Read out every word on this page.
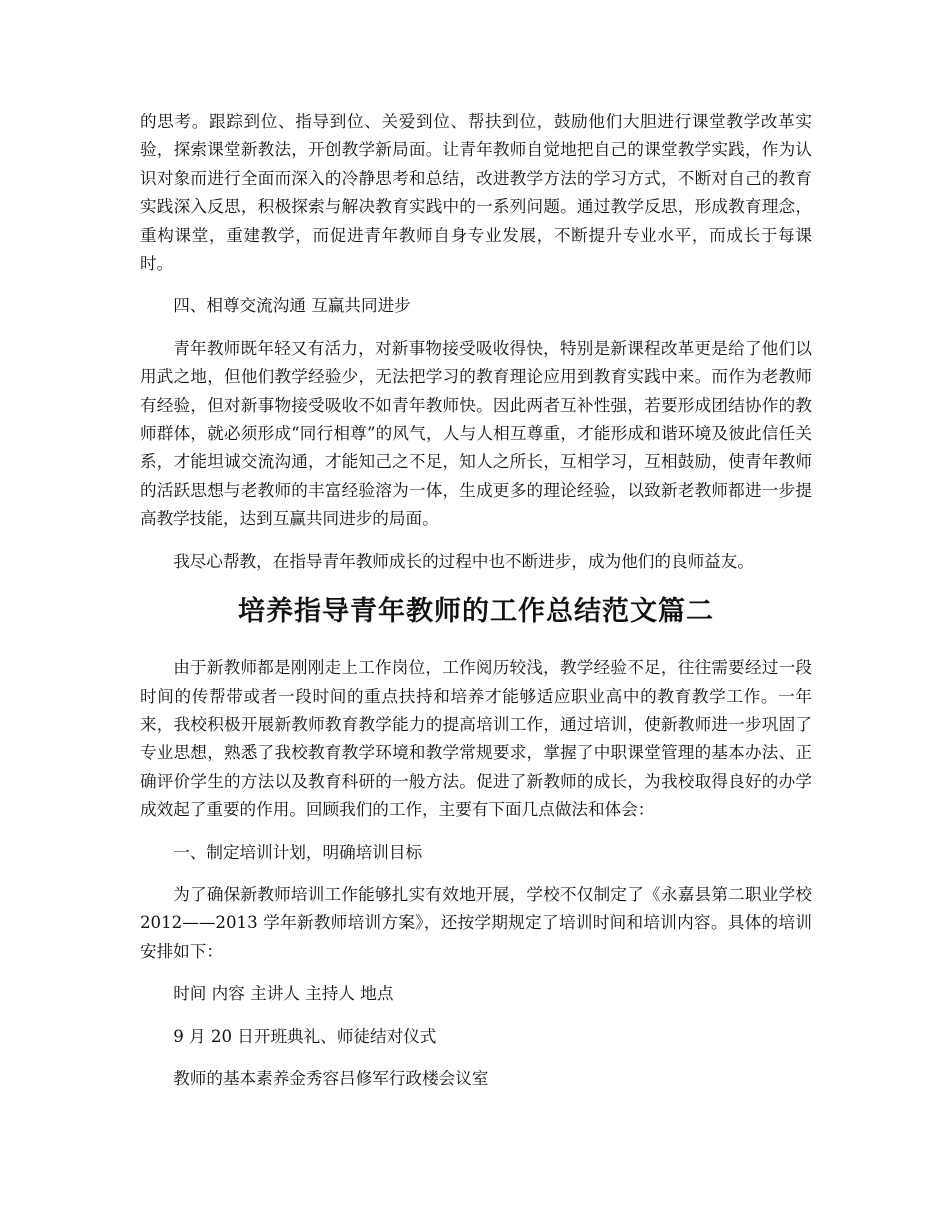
的思考。跟踪到位、指导到位、关爱到位、帮扶到位，鼓励他们大胆进行课堂教学改革实验，探索课堂新教法，开创教学新局面。让青年教师自觉地把自己的课堂教学实践，作为认识对象而进行全面而深入的冷静思考和总结，改进教学方法的学习方式，不断对自己的教育实践深入反思，积极探索与解决教育实践中的一系列问题。通过教学反思，形成教育理念，重构课堂，重建教学，而促进青年教师自身专业发展，不断提升专业水平，而成长于每课时。

四、相尊交流沟通 互赢共同进步

青年教师既年轻又有活力，对新事物接受吸收得快，特别是新课程改革更是给了他们以用武之地，但他们教学经验少，无法把学习的教育理论应用到教育实践中来。而作为老教师有经验，但对新事物接受吸收不如青年教师快。因此两者互补性强，若要形成团结协作的教师群体，就必须形成“同行相尊”的风气，人与人相互尊重，才能形成和谐环境及彼此信任关系，才能坦诚交流沟通，才能知己之不足，知人之所长，互相学习，互相鼓励，使青年教师的活跃思想与老教师的丰富经验溶为一体，生成更多的理论经验，以致新老教师都进一步提高教学技能，达到互赢共同进步的局面。

我尽心帮教，在指导青年教师成长的过程中也不断进步，成为他们的良师益友。

培养指导青年教师的工作总结范文篇二

由于新教师都是刚刚走上工作岗位，工作阅历较浅，教学经验不足，往往需要经过一段时间的传帮带或者一段时间的重点扶持和培养才能够适应职业高中的教育教学工作。一年来，我校积极开展新教师教育教学能力的提高培训工作，通过培训，使新教师进一步巩固了专业思想，熟悉了我校教育教学环境和教学常规要求，掌握了中职课堂管理的基本办法、正确评价学生的方法以及教育科研的一般方法。促进了新教师的成长，为我校取得良好的办学成效起了重要的作用。回顾我们的工作，主要有下面几点做法和体会：

一、制定培训计划，明确培训目标

为了确保新教师培训工作能够扎实有效地开展，学校不仅制定了《永嘉县第二职业学校 2012——2013 学年新教师培训方案》，还按学期规定了培训时间和培训内容。具体的培训安排如下：

时间 内容 主讲人 主持人 地点

9 月 20 日开班典礼、师徒结对仪式

教师的基本素养金秀容吕修军行政楼会议室
